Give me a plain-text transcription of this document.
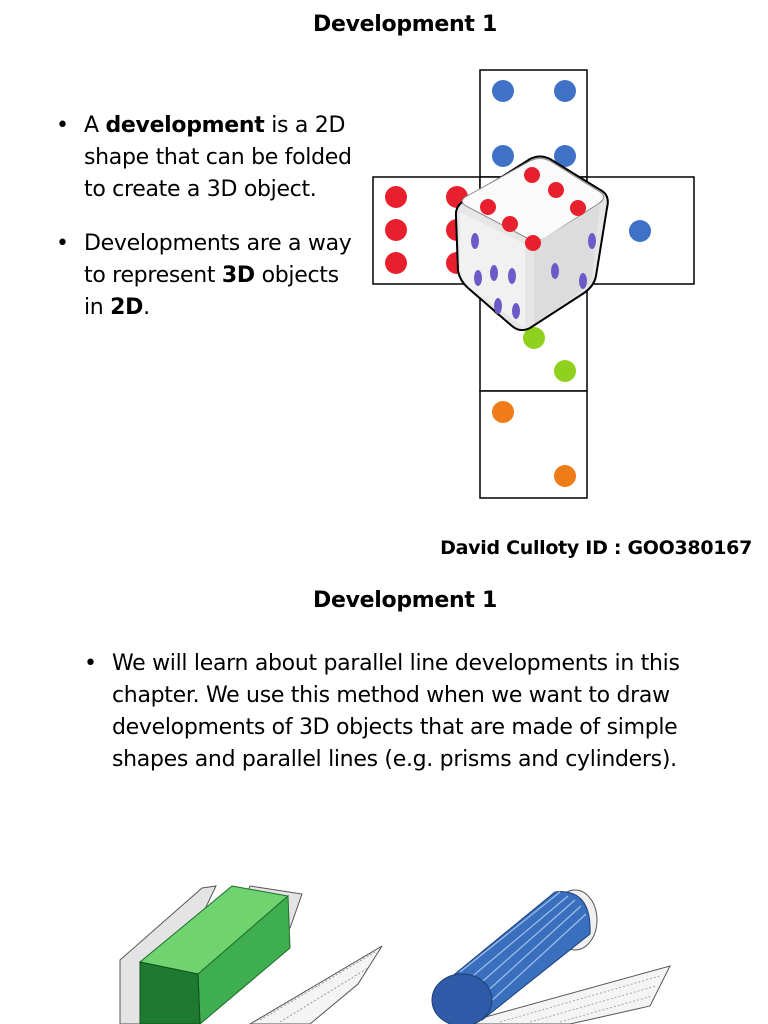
Development 1
• A development is a 2D shape that can be folded to create a 3D object.
• Developments are a way to represent 3D objects in 2D.
David Culloty ID : GOO380167
Development 1
• We will learn about parallel line developments in this chapter. We use this method when we want to draw developments of 3D objects that are made of simple shapes and parallel lines (e.g. prisms and cylinders).
